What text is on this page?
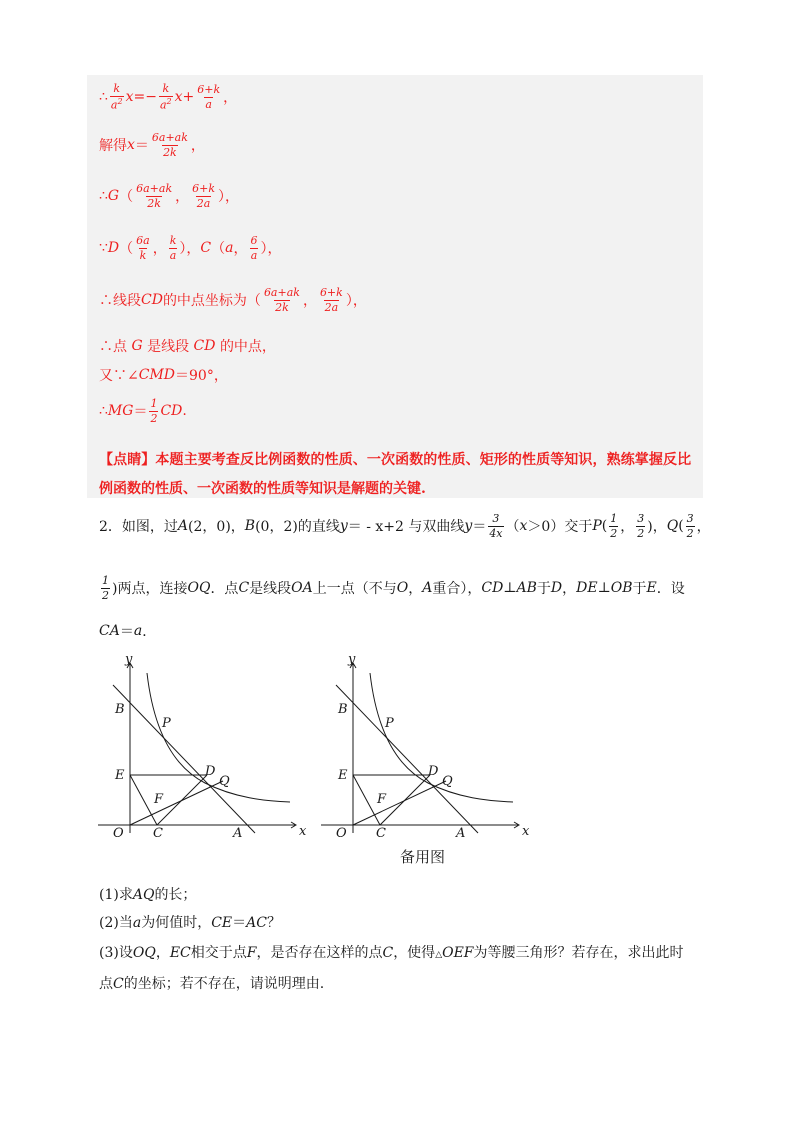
∴ $\frac{k}{a^2}$ $x =- \frac{k}{a^2} x+ \frac{6+k}{a}$ ，
解得 $x = \frac{6a+ak}{2k}$ ，
∴ G （ $\frac{6a+ak}{2k}$ ， $\frac{6+k}{2a}$ ），
∵ D （ $\frac{6a}{k}$ ， $\frac{k}{a}$ ）， C （ a ， $\frac{6}{a}$ ），
∴线段 CD 的中点坐标为（ $\frac{6a+ak}{2k}$ ， $\frac{6+k}{2a}$ ），
∴点
G
是线段
CD
的中点，
又∵∠ CMD ＝90°，
∴ MG ＝ $\frac{1}{2}$ CD .
【点睛】本题主要考查反比例函数的性质、一次函数的性质、矩形的性质等知识，熟练掌握反比
例函数的性质、一次函数的性质等知识是解题的关键.
2．如图，过 A (2，0)， B (0，2)的直线 y ＝ - x+2 与双曲线 $y = \frac{3}{4x}$ （ x ＞0）交于 P ( $\frac{1}{2}$ ， $\frac{3}{2}$ )， Q ( $\frac{3}{2}$ ，
$\frac{1}{2}$ )两点，连接 OQ ．点 C 是线段 OA 上一点（不与 O ， A 重合）， CD ⊥ AB 于 D ， DE ⊥ OB 于 E ．设
CA ＝ a ．
y
x
O
B
E
P
D
Q
F
C	A
y
x
O
B
E
P
D
Q
F
C	A
备用图
(1)求AQ的长；
(2)当a为何值时，CE＝AC？
(3)设OQ，EC相交于点F，是否存在这样的点C，使得△OEF为等腰三角形？若存在，求出此时
点C的坐标；若不存在，请说明理由.
